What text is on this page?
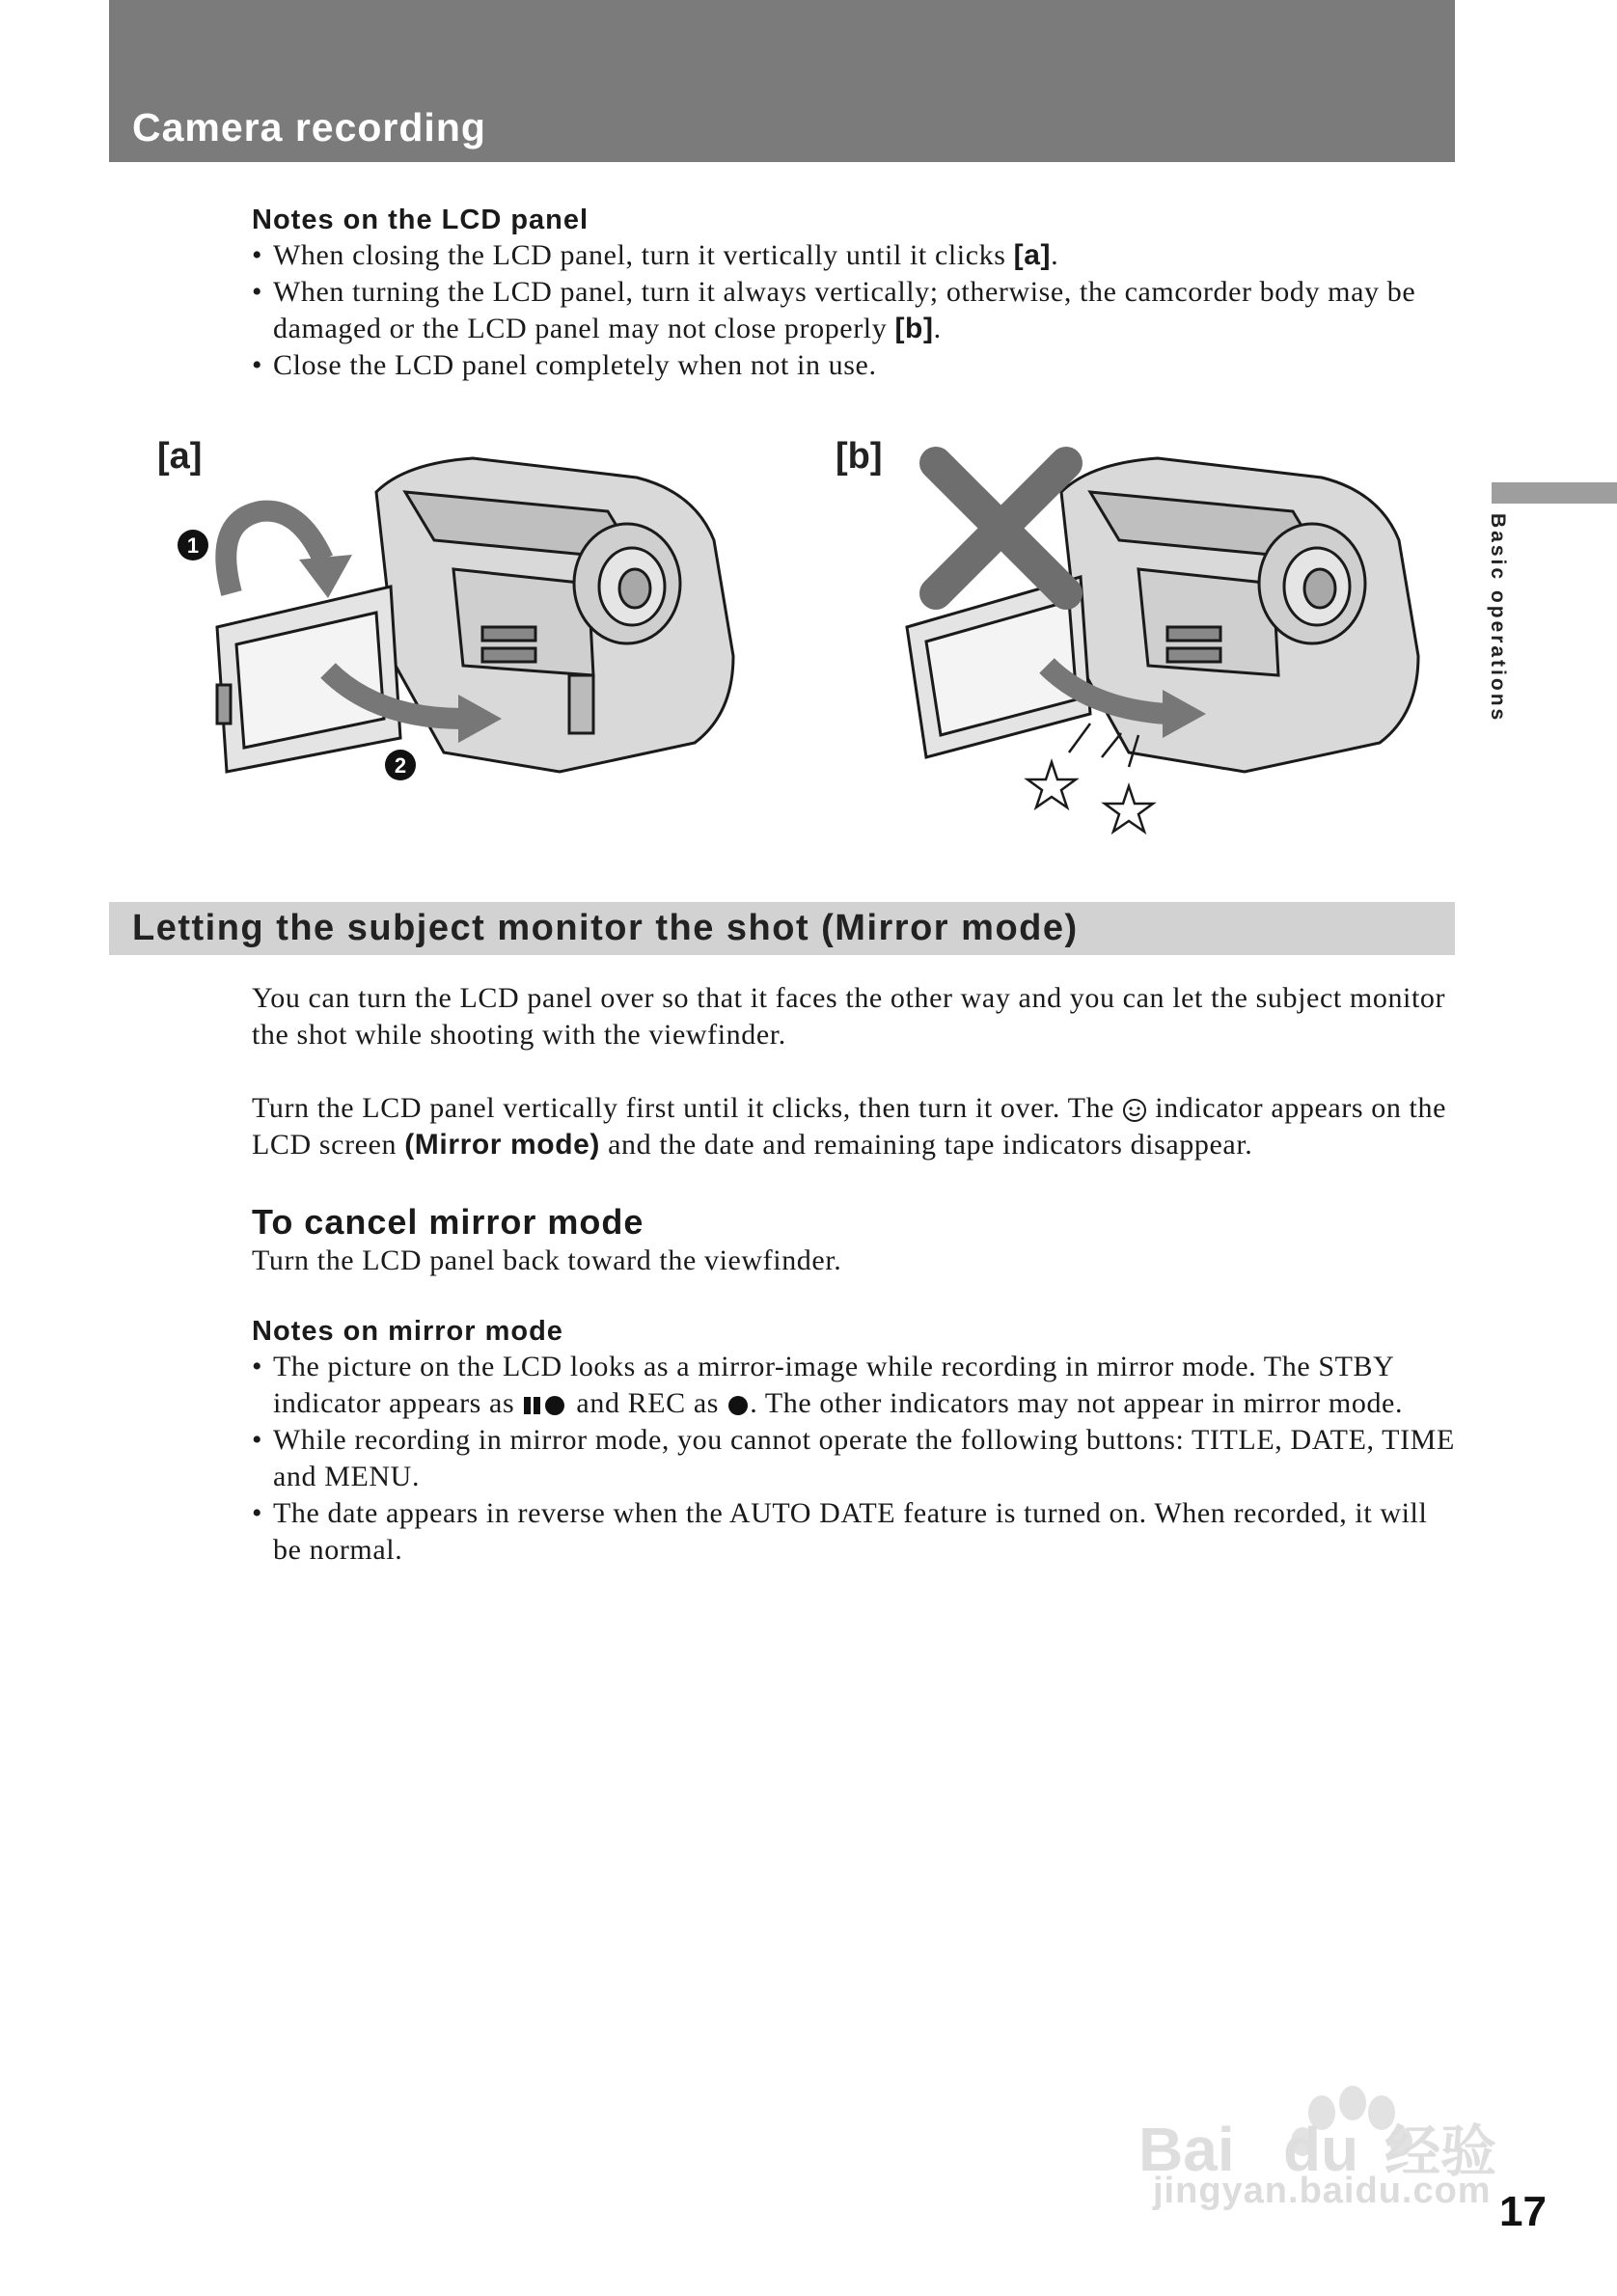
Camera recording
Basic operations
Notes on the LCD panel
• When closing the LCD panel, turn it vertically until it clicks [a].
• When turning the LCD panel, turn it always vertically; otherwise, the camcorder body may be damaged or the LCD panel may not close properly [b].
• Close the LCD panel completely when not in use.
[a]	[b]
1
2
Letting the subject monitor the shot (Mirror mode)
You can turn the LCD panel over so that it faces the other way and you can let the subject monitor the shot while shooting with the viewfinder.
Turn the LCD panel vertically first until it clicks, then turn it over. The  indicator appears on the LCD screen (Mirror mode) and the date and remaining tape indicators disappear.
To cancel mirror mode
Turn the LCD panel back toward the viewfinder.
Notes on mirror mode
• The picture on the LCD looks as a mirror-image while recording in mirror mode. The STBY indicator appears as  and REC as . The other indicators may not appear in mirror mode.
• While recording in mirror mode, you cannot operate the following buttons: TITLE, DATE, TIME and MENU.
• The date appears in reverse when the AUTO DATE feature is turned on. When recorded, it will be normal.
Bai du 经验
jingyan.baidu.com 17
